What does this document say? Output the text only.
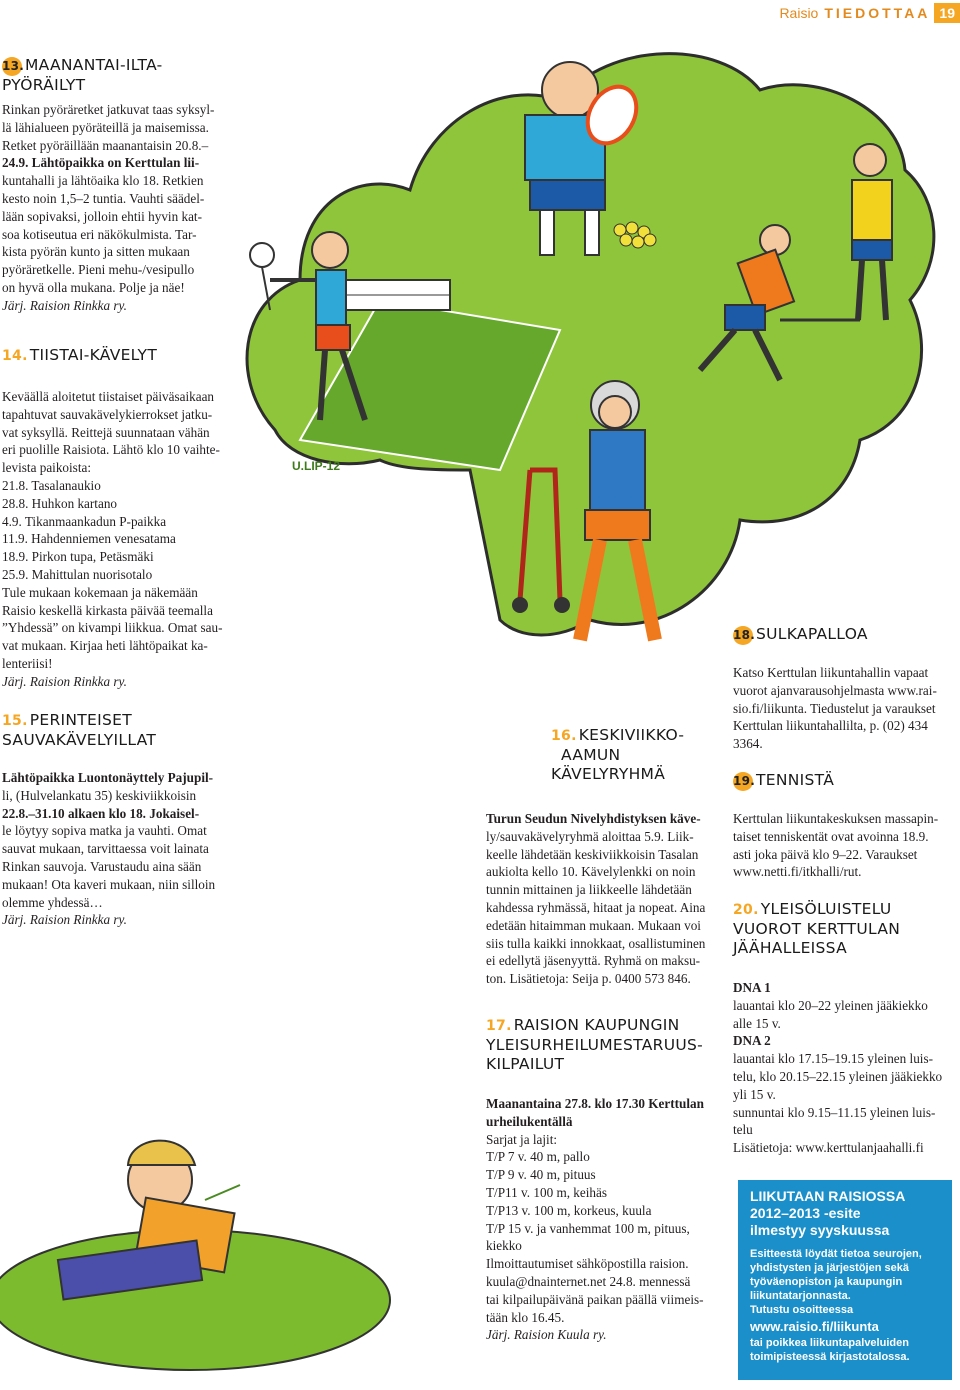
Raisio TIEDOTTAA 19
U.LIP-12
13.MAANANTAI-ILTA-
PYÖRÄILYT
Rinkan pyöräretket jatkuvat taas syksyl-
lä lähialueen pyöräteillä ja maisemissa.
Retket pyöräillään maanantaisin 20.8.–
24.9. Lähtöpaikka on Kerttulan lii-
kuntahalli ja lähtöaika klo 18. Retkien
kesto noin 1,5–2 tuntia. Vauhti säädel-
lään sopivaksi, jolloin ehtii hyvin kat-
soa kotiseutua eri näkökulmista. Tar-
kista pyörän kunto ja sitten mukaan
pyöräretkelle. Pieni mehu-/vesipullo
on hyvä olla mukana. Polje ja näe!
Järj. Raision Rinkka ry.
14. TIISTAI-KÄVELYT
Keväällä aloitetut tiistaiset päiväsaikaan
tapahtuvat sauvakävelykierrokset jatku-
vat syksyllä. Reittejä suunnataan vähän
eri puolille Raisiota. Lähtö klo 10 vaihte-
levista paikoista:
21.8. Tasalanaukio
28.8. Huhkon kartano
4.9. Tikanmaankadun P-paikka
11.9. Hahdenniemen venesatama
18.9. Pirkon tupa, Petäsmäki
25.9. Mahittulan nuorisotalo
Tule mukaan kokemaan ja näkemään
Raisio keskellä kirkasta päivää teemalla
”Yhdessä” on kivampi liikkua. Omat sau-
vat mukaan. Kirjaa heti lähtöpaikat ka-
lenteriisi!
Järj. Raision Rinkka ry.
15. PERINTEISET
SAUVAKÄVELYILLAT
Lähtöpaikka Luontonäyttely Pajupil-
li, (Hulvelankatu 35) keskiviikkoisin
22.8.–31.10 alkaen klo 18. Jokaisel-
le löytyy sopiva matka ja vauhti. Omat
sauvat mukaan, tarvittaessa voit lainata
Rinkan sauvoja. Varustaudu aina sään
mukaan! Ota kaveri mukaan, niin silloin
olemme yhdessä…
Järj. Raision Rinkka ry.
16. KESKIVIIKKO-
AAMUN
KÄVELYRYHMÄ
Turun Seudun Nivelyhdistyksen käve-
ly/sauvakävelyryhmä aloittaa 5.9. Liik-
keelle lähdetään keskiviikkoisin Tasalan
aukiolta kello 10. Kävelylenkki on noin
tunnin mittainen ja liikkeelle lähdetään
kahdessa ryhmässä, hitaat ja nopeat. Aina
edetään hitaimman mukaan. Mukaan voi
siis tulla kaikki innokkaat, osallistuminen
ei edellytä jäsenyyttä. Ryhmä on maksu-
ton. Lisätietoja: Seija p. 0400 573 846.
17. RAISION KAUPUNGIN
YLEISURHEILUMESTARUUS-
KILPAILUT
Maanantaina 27.8. klo 17.30 Kerttulan
urheilukentällä
Sarjat ja lajit:
T/P 7 v. 40 m, pallo
T/P 9 v. 40 m, pituus
T/P11 v. 100 m, keihäs
T/P13 v. 100 m, korkeus, kuula
T/P 15 v. ja vanhemmat 100 m, pituus,
kiekko
Ilmoittautumiset sähköpostilla raision.
kuula@dnainternet.net 24.8. mennessä
tai kilpailupäivänä paikan päällä viimeis-
tään klo 16.45.
Järj. Raision Kuula ry.
18.SULKAPALLOA
Katso Kerttulan liikuntahallin vapaat
vuorot ajanvarausohjelmasta www.rai-
sio.fi/liikunta. Tiedustelut ja varaukset
Kerttulan liikuntahallilta, p. (02) 434
3364.
19.TENNISTÄ
Kerttulan liikuntakeskuksen massapin-
taiset tenniskentät ovat avoinna 18.9.
asti joka päivä klo 9–22. Varaukset
www.netti.fi/itkhalli/rut.
20. YLEISÖLUISTELU
VUOROT KERTTULAN
JÄÄHALLEISSA
DNA 1
lauantai klo 20–22 yleinen jääkiekko
alle 15 v.
DNA 2
lauantai klo 17.15–19.15 yleinen luis-
telu, klo 20.15–22.15 yleinen jääkiekko
yli 15 v.
sunnuntai klo 9.15–11.15 yleinen luis-
telu
Lisätietoja: www.kerttulanjaahalli.fi
LIIKUTAAN RAISIOSSA
2012–2013 -esite
ilmestyy syyskuussa
Esitteestä löydät tietoa seurojen,
yhdistysten ja järjestöjen sekä
työväenopiston ja kaupungin
liikuntatarjonnasta.
Tutustu osoitteessa
www.raisio.fi/liikunta
tai poikkea liikuntapalveluiden
toimipisteessä kirjastotalossa.
